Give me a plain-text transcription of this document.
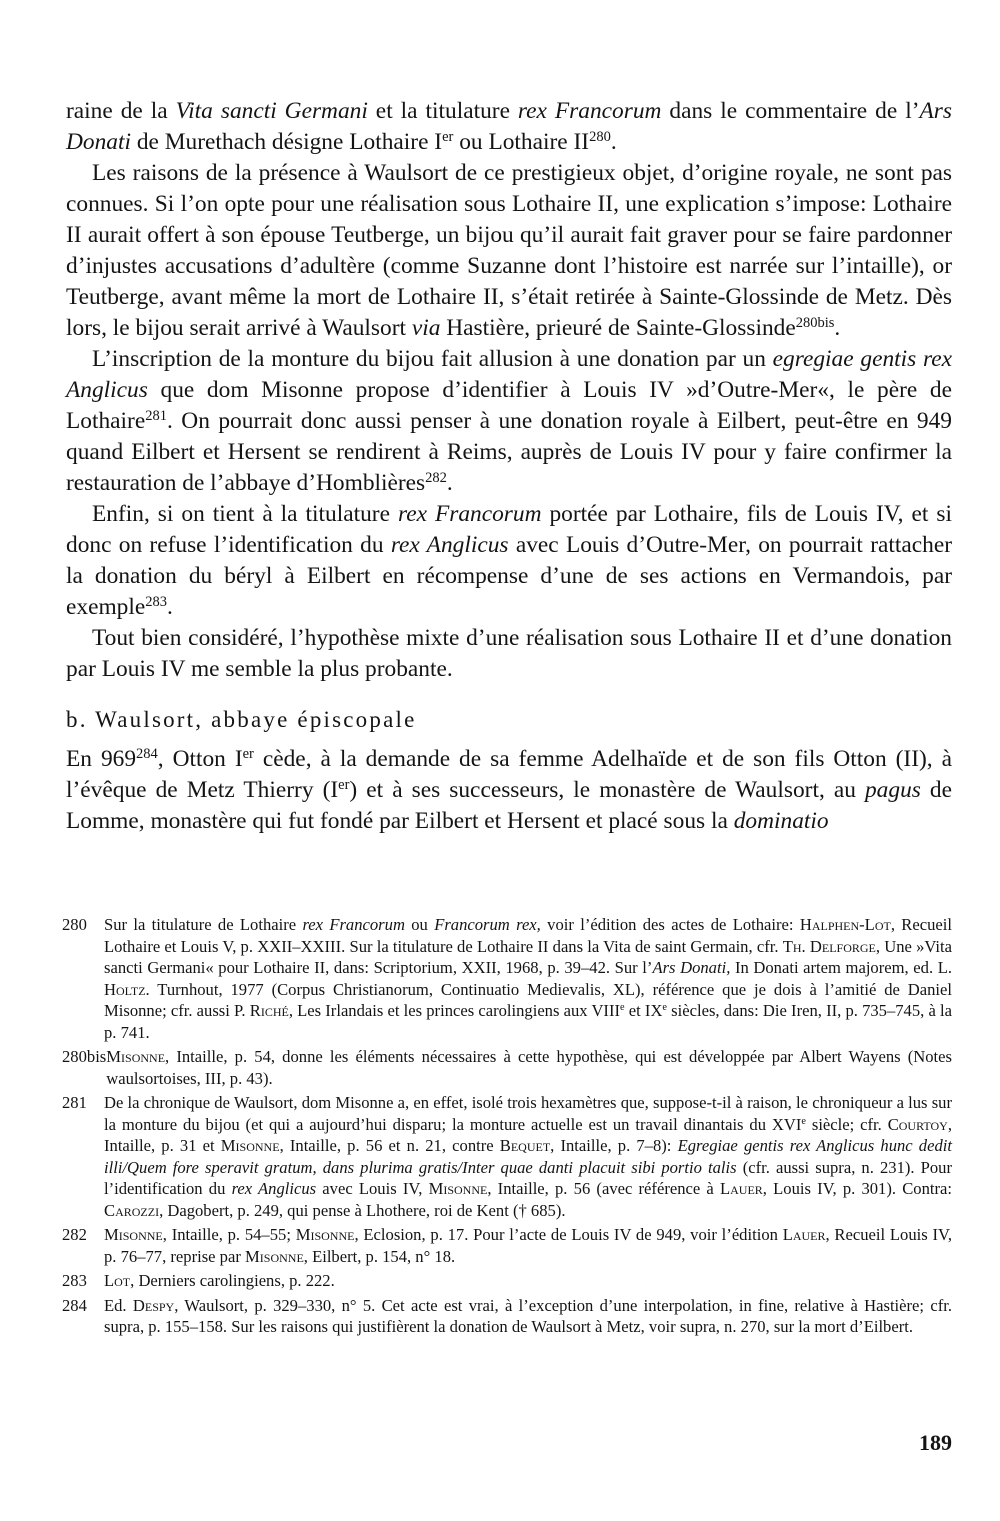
raine de la Vita sancti Germani et la titulature rex Francorum dans le commentaire de l’Ars Donati de Murethach désigne Lothaire Ier ou Lothaire II$^{280}$.

Les raisons de la présence à Waulsort de ce prestigieux objet, d’origine royale, ne sont pas connues. Si l’on opte pour une réalisation sous Lothaire II, une explication s’impose: Lothaire II aurait offert à son épouse Teutberge, un bijou qu’il aurait fait graver pour se faire pardonner d’injustes accusations d’adultère (comme Suzanne dont l’histoire est narrée sur l’intaille), or Teutberge, avant même la mort de Lothaire II, s’était retirée à Sainte-Glossinde de Metz. Dès lors, le bijou serait arrivé à Waulsort via Hastière, prieuré de Sainte-Glossinde$^{280bis}$.

L’inscription de la monture du bijou fait allusion à une donation par un egregiae gentis rex Anglicus que dom Misonne propose d’identifier à Louis IV »d’Outre-Mer«, le père de Lothaire$^{281}$. On pourrait donc aussi penser à une donation royale à Eilbert, peut-être en 949 quand Eilbert et Hersent se rendirent à Reims, auprès de Louis IV pour y faire confirmer la restauration de l’abbaye d’Homblières$^{282}$.

Enfin, si on tient à la titulature rex Francorum portée par Lothaire, fils de Louis IV, et si donc on refuse l’identification du rex Anglicus avec Louis d’Outre-Mer, on pourrait rattacher la donation du béryl à Eilbert en récompense d’une de ses actions en Vermandois, par exemple$^{283}$.

Tout bien considéré, l’hypothèse mixte d’une réalisation sous Lothaire II et d’une donation par Louis IV me semble la plus probante.

b. Waulsort, abbaye épiscopale

En $969^{284}$, Otton Ier cède, à la demande de sa femme Adelhaïde et de son fils Otton (II), à l’évêque de Metz Thierry (Ier) et à ses successeurs, le monastère de Waulsort, au pagus de Lomme, monastère qui fut fondé par Eilbert et Hersent et placé sous la dominatio

280	Sur la titulature de Lothaire rex Francorum ou Francorum rex, voir l’édition des actes de Lothaire: Halphen-Lot, Recueil Lothaire et Louis V, p. XXII–XXIII. Sur la titulature de Lothaire II dans la Vita de saint Germain, cfr. Th. Delforge, Une »Vita sancti Germani« pour Lothaire II, dans: Scriptorium, XXII, 1968, p. 39–42. Sur l’Ars Donati, In Donati artem majorem, ed. L. Holtz. Turnhout, 1977 (Corpus Christianorum, Continuatio Medievalis, XL), référence que je dois à l’amitié de Daniel Misonne; cfr. aussi P. Riché, Les Irlandais et les princes carolingiens aux VIIIe et IXe siècles, dans: Die Iren, II, p. 735–745, à la p. 741.
280bis Misonne, Intaille, p. 54, donne les éléments nécessaires à cette hypothèse, qui est développée par Albert Wayens (Notes waulsortoises, III, p. 43).
281	De la chronique de Waulsort, dom Misonne a, en effet, isolé trois hexamètres que, suppose-t-il à raison, le chroniqueur a lus sur la monture du bijou (et qui a aujourd’hui disparu; la monture actuelle est un travail dinantais du XVIe siècle; cfr. Courtoy, Intaille, p. 31 et Misonne, Intaille, p. 56 et n. 21, contre Bequet, Intaille, p. 7–8): Egregiae gentis rex Anglicus hunc dedit illi/Quem fore speravit gratum, dans plurima gratis/Inter quae danti placuit sibi portio talis (cfr. aussi supra, n. 231). Pour l’identification du rex Anglicus avec Louis IV, Misonne, Intaille, p. 56 (avec référence à Lauer, Louis IV, p. 301). Contra: Carozzi, Dagobert, p. 249, qui pense à Lhothere, roi de Kent († 685).
282	Misonne, Intaille, p. 54–55; Misonne, Eclosion, p. 17. Pour l’acte de Louis IV de 949, voir l’édition Lauer, Recueil Louis IV, p. 76–77, reprise par Misonne, Eilbert, p. 154, n° 18.
283	Lot, Derniers carolingiens, p. 222.
284	Ed. Despy, Waulsort, p. 329–330, n° 5. Cet acte est vrai, à l’exception d’une interpolation, in fine, relative à Hastière; cfr. supra, p. 155–158. Sur les raisons qui justifièrent la donation de Waulsort à Metz, voir supra, n. 270, sur la mort d’Eilbert.
189
